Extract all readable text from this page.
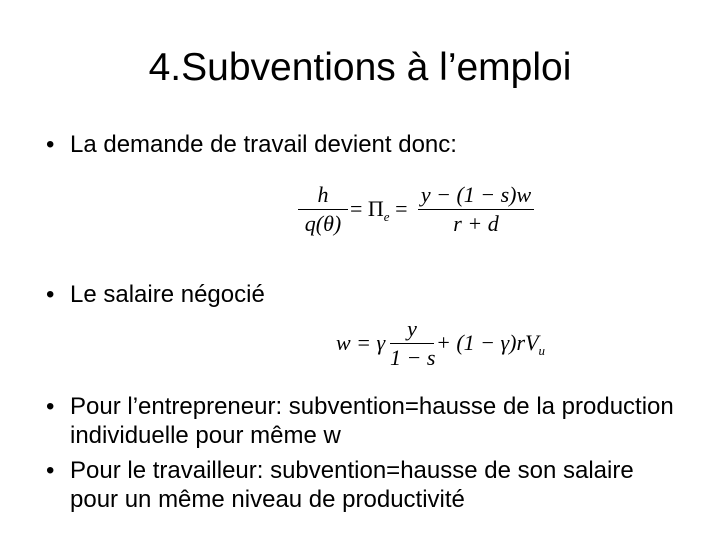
4.Subventions à l’emploi
• La demande de travail devient donc:
h
q(θ)
= $\Pi_e$ =
y − (1 − s)w
r + d
• Le salaire négocié
w = γ
y
1 − s
+ $(1 - \gamma)rV_u$
• Pour l’entrepreneur: subvention=hausse de la production individuelle pour même w
• Pour le travailleur: subvention=hausse de son salaire pour un même niveau de productivité
